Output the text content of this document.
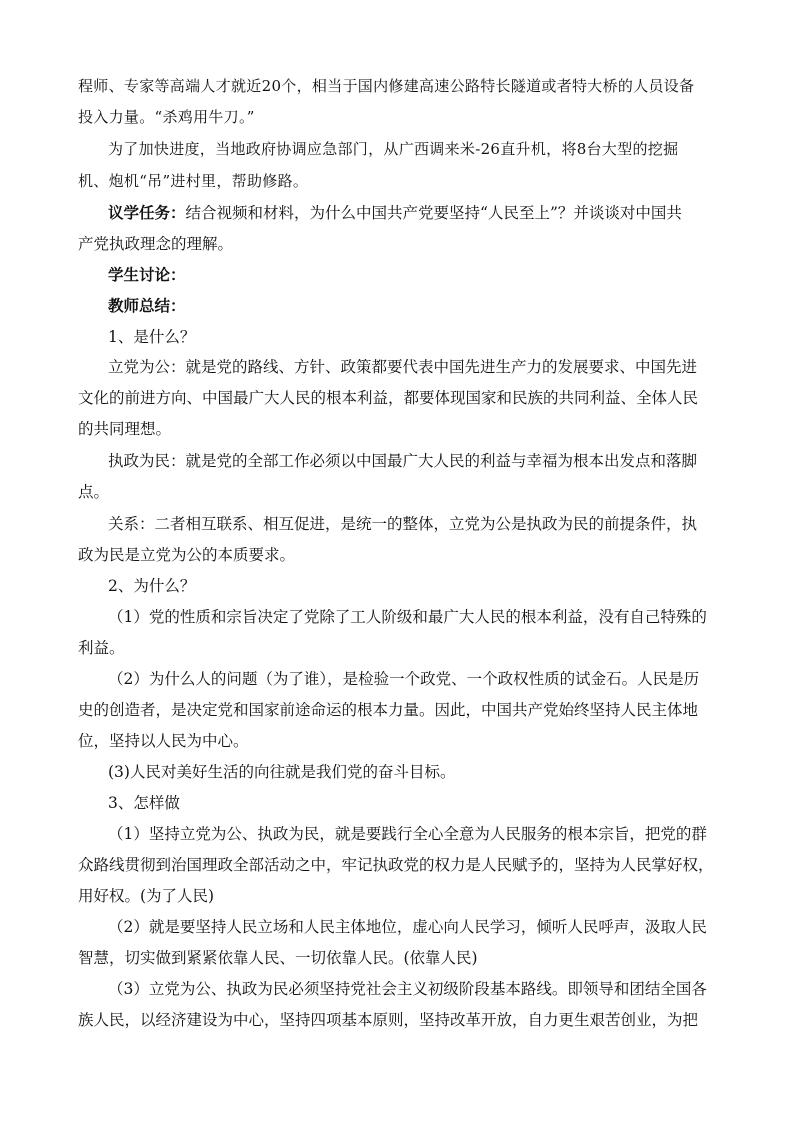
程师、专家等高端人才就近20个，相当于国内修建高速公路特长隧道或者特大桥的人员设备
投入力量。“杀鸡用牛刀。”
为了加快进度，当地政府协调应急部门，从广西调来米-26直升机，将8台大型的挖掘
机、炮机“吊”进村里，帮助修路。
议学任务：结合视频和材料，为什么中国共产党要坚持“人民至上”？并谈谈对中国共
产党执政理念的理解。
学生讨论：
教师总结：
1、是什么？
立党为公：就是党的路线、方针、政策都要代表中国先进生产力的发展要求、中国先进
文化的前进方向、中国最广大人民的根本利益，都要体现国家和民族的共同利益、全体人民
的共同理想。
执政为民：就是党的全部工作必须以中国最广大人民的利益与幸福为根本出发点和落脚
点。
关系：二者相互联系、相互促进，是统一的整体，立党为公是执政为民的前提条件，执
政为民是立党为公的本质要求。
2、为什么？
（1）党的性质和宗旨决定了党除了工人阶级和最广大人民的根本利益，没有自己特殊的
利益。
（2）为什么人的问题（为了谁），是检验一个政党、一个政权性质的试金石。人民是历
史的创造者，是决定党和国家前途命运的根本力量。因此，中国共产党始终坚持人民主体地
位，坚持以人民为中心。
(3)人民对美好生活的向往就是我们党的奋斗目标。
3、怎样做
（1）坚持立党为公、执政为民，就是要践行全心全意为人民服务的根本宗旨，把党的群
众路线贯彻到治国理政全部活动之中，牢记执政党的权力是人民赋予的，坚持为人民掌好权，
用好权。(为了人民)
（2）就是要坚持人民立场和人民主体地位，虚心向人民学习，倾听人民呼声，汲取人民
智慧，切实做到紧紧依靠人民、一切依靠人民。(依靠人民)
（3）立党为公、执政为民必须坚持党社会主义初级阶段基本路线。即领导和团结全国各
族人民，以经济建设为中心，坚持四项基本原则，坚持改革开放，自力更生艰苦创业，为把
